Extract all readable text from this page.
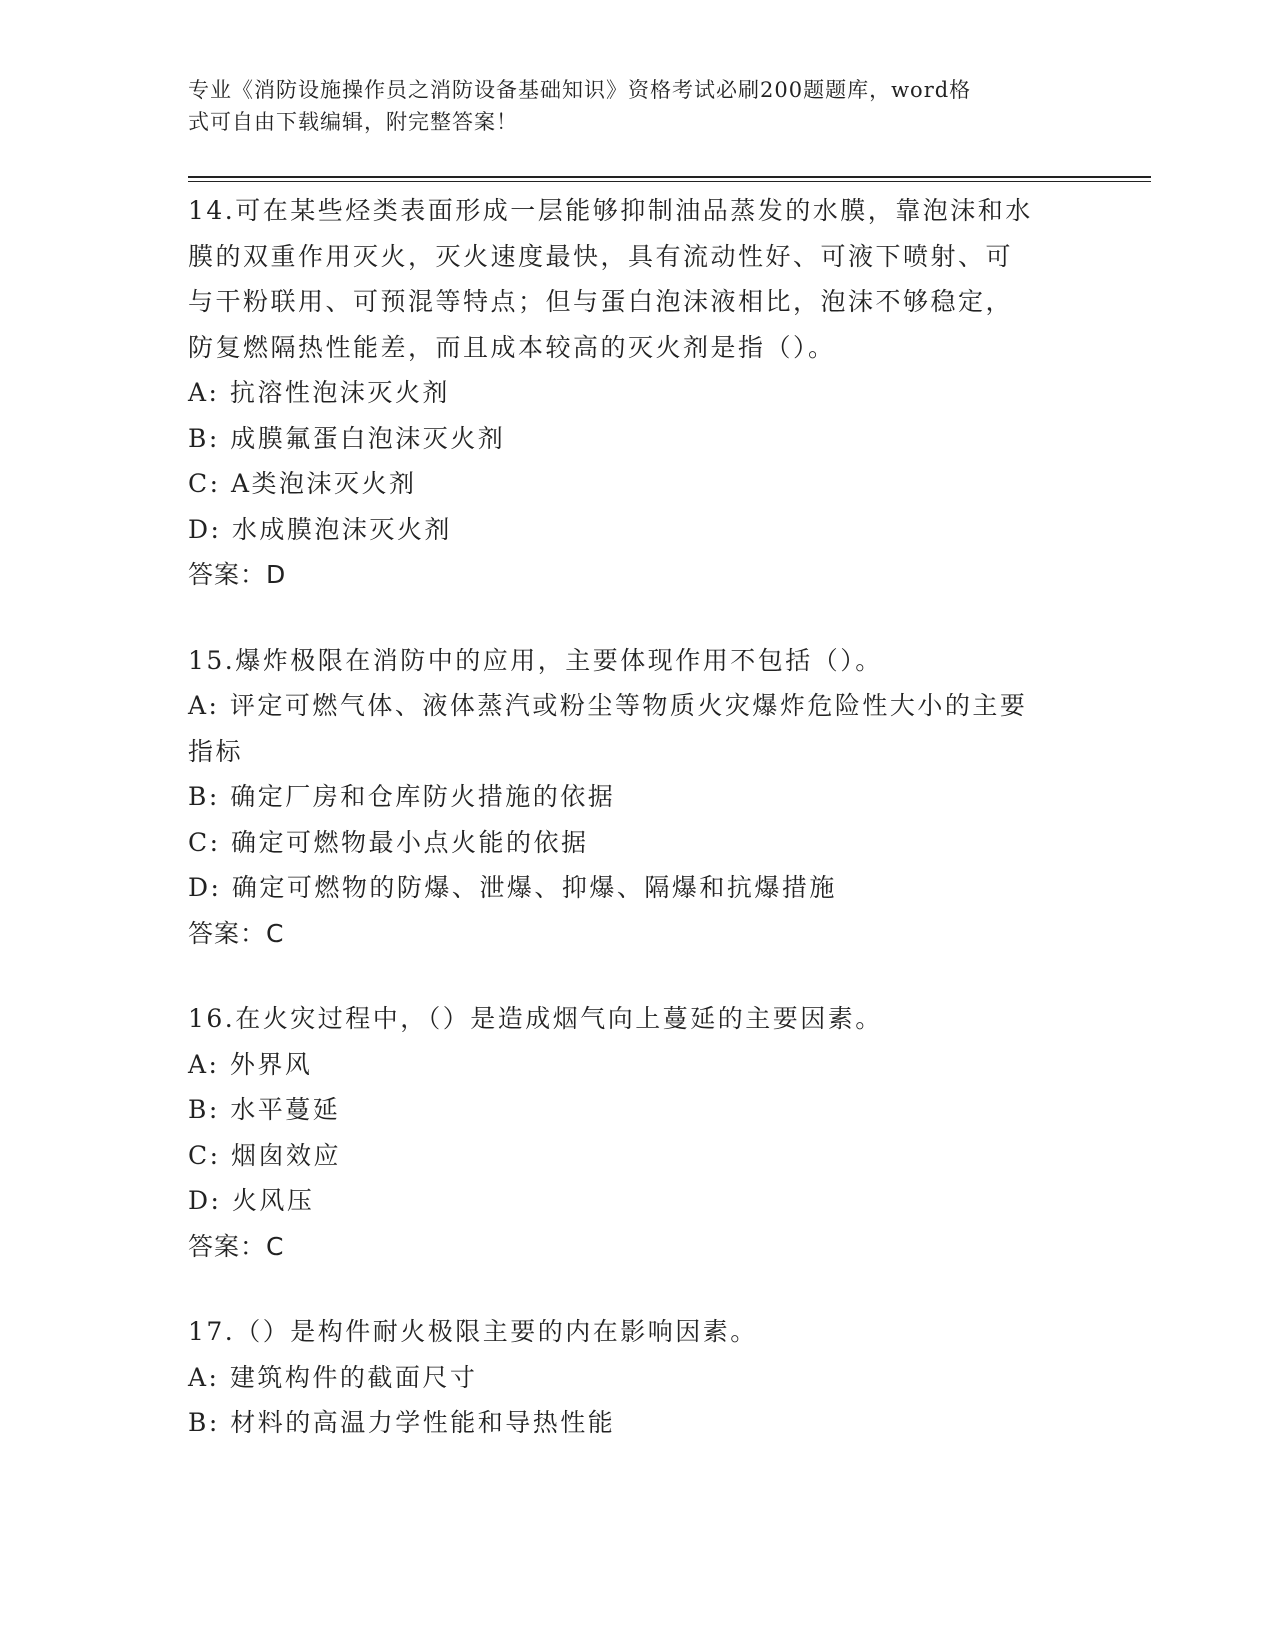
专业《消防设施操作员之消防设备基础知识》资格考试必刷200题题库，word格
式可自由下载编辑，附完整答案！
14.可在某些烃类表面形成一层能够抑制油品蒸发的水膜，靠泡沫和水
膜的双重作用灭火，灭火速度最快，具有流动性好、可液下喷射、可
与干粉联用、可预混等特点；但与蛋白泡沫液相比，泡沫不够稳定，
防复燃隔热性能差，而且成本较高的灭火剂是指（）。
A: 抗溶性泡沫灭火剂
B: 成膜氟蛋白泡沫灭火剂
C: A类泡沫灭火剂
D: 水成膜泡沫灭火剂
答案：D
15.爆炸极限在消防中的应用，主要体现作用不包括（）。
A: 评定可燃气体、液体蒸汽或粉尘等物质火灾爆炸危险性大小的主要
指标
B: 确定厂房和仓库防火措施的依据
C: 确定可燃物最小点火能的依据
D: 确定可燃物的防爆、泄爆、抑爆、隔爆和抗爆措施
答案：C
16.在火灾过程中，（）是造成烟气向上蔓延的主要因素。
A: 外界风
B: 水平蔓延
C: 烟囱效应
D: 火风压
答案：C
17.（）是构件耐火极限主要的内在影响因素。
A: 建筑构件的截面尺寸
B: 材料的高温力学性能和导热性能
